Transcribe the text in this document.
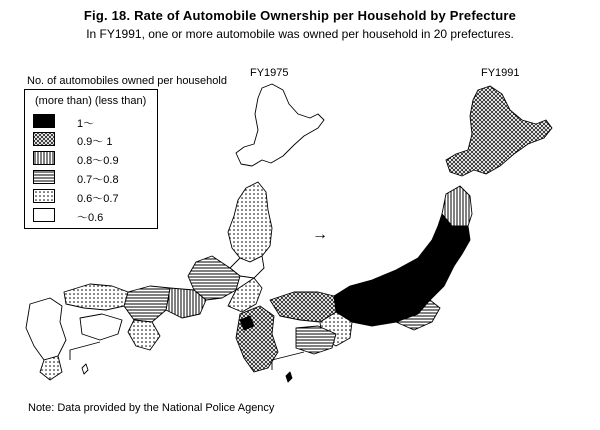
Fig. 18. Rate of Automobile Ownership per Household by Prefecture
In FY1991, one or more automobile was owned per household in 20 prefectures.
No. of automobiles owned per household
(more than) (less than)
1～
0.9～ 1
0.8～0.9
0.7～0.8
0.6～0.7
～0.6
FY1975	FY1991
→
Note: Data provided by the National Police Agency
